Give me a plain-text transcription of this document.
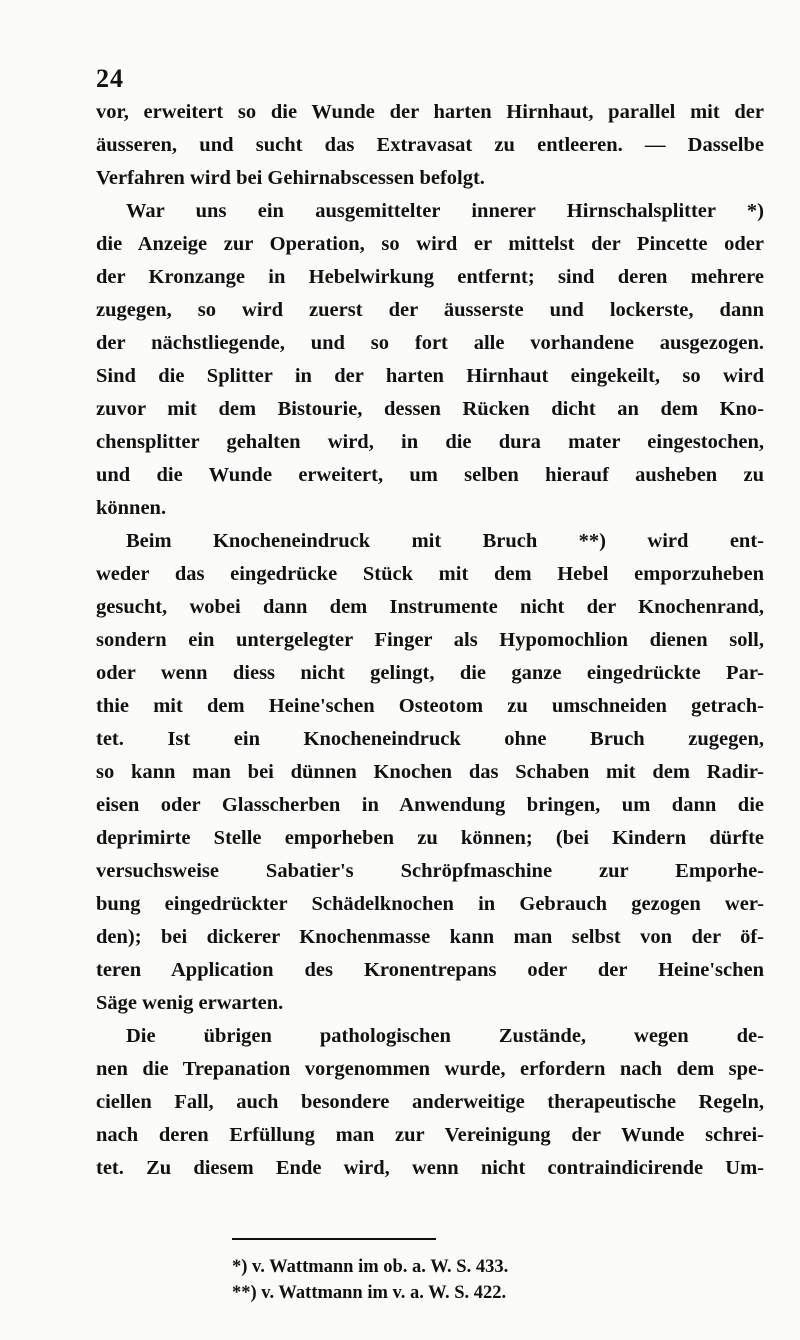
24
vor, erweitert so die Wunde der harten Hirnhaut, parallel mit der
äusseren, und sucht das Extravasat zu entleeren. — Dasselbe
Verfahren wird bei Gehirnabscessen befolgt.
War uns ein ausgemittelter innerer Hirnschalsplitter *)
die Anzeige zur Operation, so wird er mittelst der Pincette oder
der Kronzange in Hebelwirkung entfernt; sind deren mehrere
zugegen, so wird zuerst der äusserste und lockerste, dann
der nächstliegende, und so fort alle vorhandene ausgezogen.
Sind die Splitter in der harten Hirnhaut eingekeilt, so wird
zuvor mit dem Bistourie, dessen Rücken dicht an dem Kno-
chensplitter gehalten wird, in die dura mater eingestochen,
und die Wunde erweitert, um selben hierauf ausheben zu
können.
Beim Knocheneindruck mit Bruch **) wird ent-
weder das eingedrücke Stück mit dem Hebel emporzuheben
gesucht, wobei dann dem Instrumente nicht der Knochenrand,
sondern ein untergelegter Finger als Hypomochlion dienen soll,
oder wenn diess nicht gelingt, die ganze eingedrückte Par-
thie mit dem Heine'schen Osteotom zu umschneiden getrach-
tet. Ist ein Knocheneindruck ohne Bruch zugegen,
so kann man bei dünnen Knochen das Schaben mit dem Radir-
eisen oder Glasscherben in Anwendung bringen, um dann die
deprimirte Stelle emporheben zu können; (bei Kindern dürfte
versuchsweise Sabatier's Schröpfmaschine zur Emporhe-
bung eingedrückter Schädelknochen in Gebrauch gezogen wer-
den); bei dickerer Knochenmasse kann man selbst von der öf-
teren Application des Kronentrepans oder der Heine'schen
Säge wenig erwarten.
Die übrigen pathologischen Zustände, wegen de-
nen die Trepanation vorgenommen wurde, erfordern nach dem spe-
ciellen Fall, auch besondere anderweitige therapeutische Regeln,
nach deren Erfüllung man zur Vereinigung der Wunde schrei-
tet. Zu diesem Ende wird, wenn nicht contraindicirende Um-
*) v. Wattmann im ob. a. W. S. 433.
**) v. Wattmann im v. a. W. S. 422.
